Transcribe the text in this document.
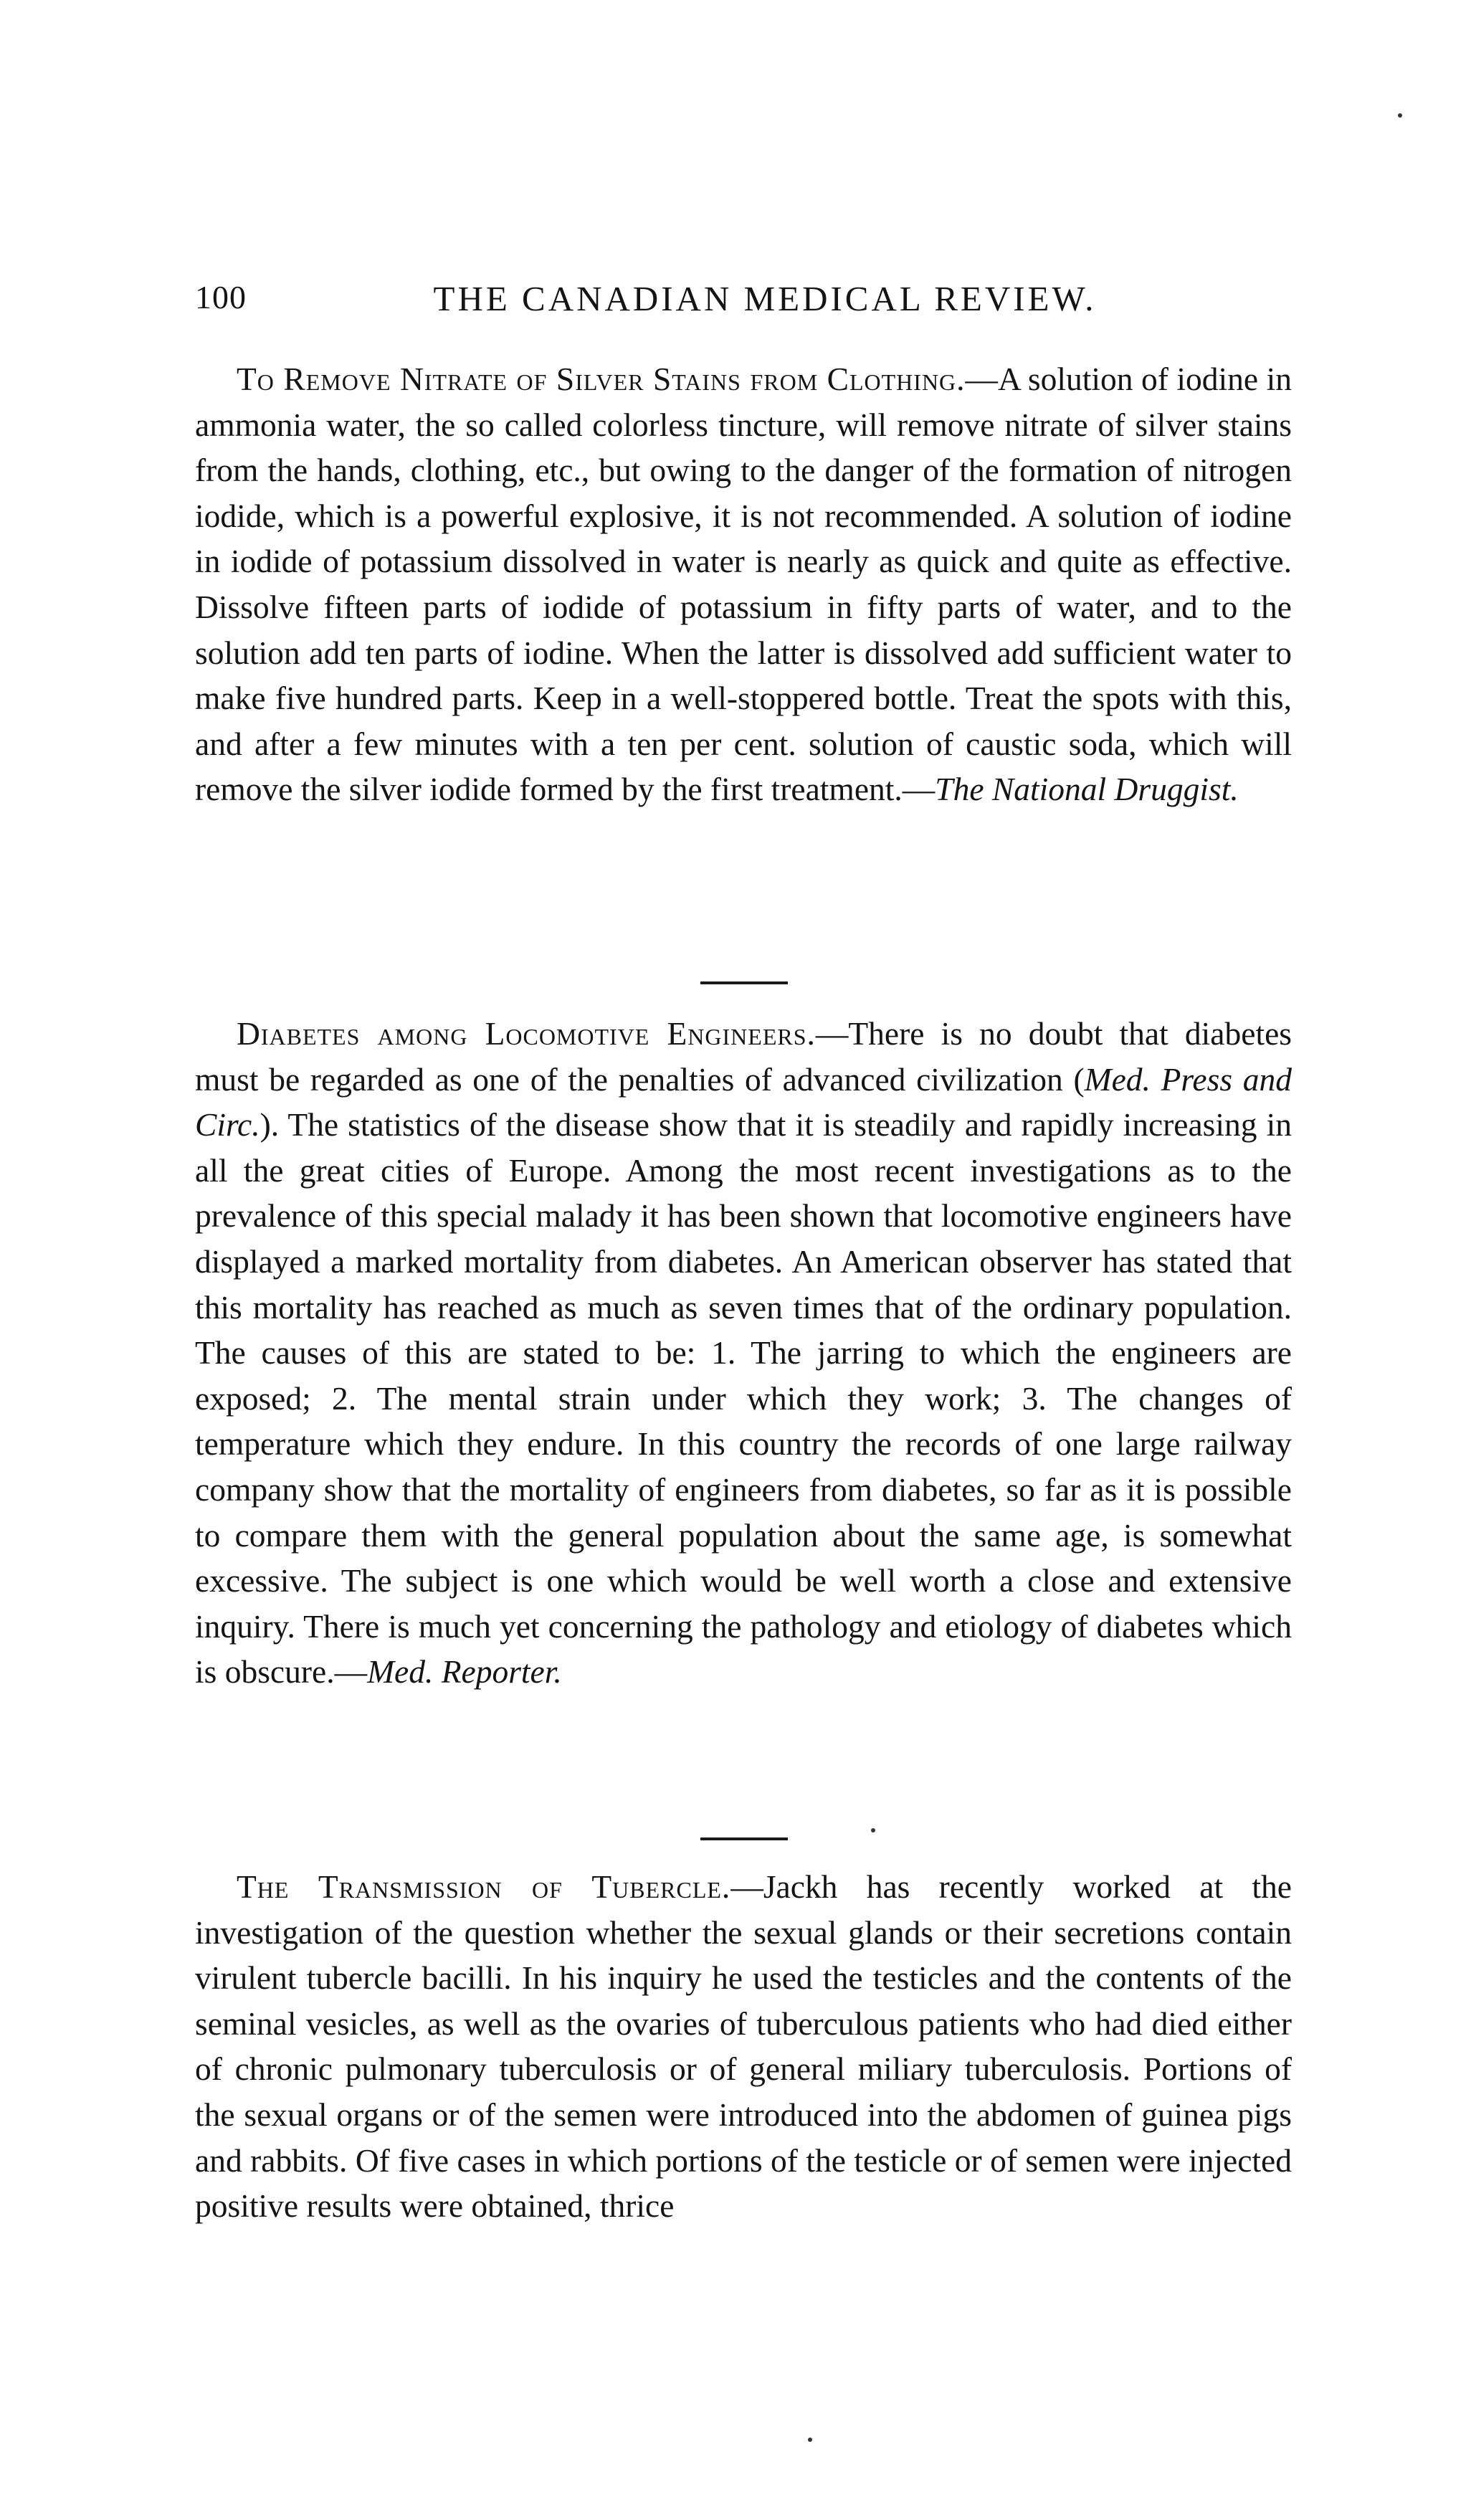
100	THE CANADIAN MEDICAL REVIEW.

To Remove Nitrate of Silver Stains from Clothing.—A solution of iodine in ammonia water, the so called colorless tincture, will remove nitrate of silver stains from the hands, clothing, etc., but owing to the danger of the formation of nitrogen iodide, which is a powerful explosive, it is not recommended. A solution of iodine in iodide of potassium dissolved in water is nearly as quick and quite as effective. Dissolve fifteen parts of iodide of potassium in fifty parts of water, and to the solution add ten parts of iodine. When the latter is dissolved add sufficient water to make five hundred parts. Keep in a well-stoppered bottle. Treat the spots with this, and after a few minutes with a ten per cent. solution of caustic soda, which will remove the silver iodide formed by the first treatment.—The National Druggist.

Diabetes among Locomotive Engineers.—There is no doubt that diabetes must be regarded as one of the penalties of advanced civilization (Med. Press and Circ.). The statistics of the disease show that it is steadily and rapidly increasing in all the great cities of Europe. Among the most recent investigations as to the prevalence of this special malady it has been shown that locomotive engineers have displayed a marked mortality from diabetes. An American observer has stated that this mortality has reached as much as seven times that of the ordinary population. The causes of this are stated to be: 1. The jarring to which the engineers are exposed; 2. The mental strain under which they work; 3. The changes of temperature which they endure. In this country the records of one large railway company show that the mortality of engineers from diabetes, so far as it is possible to compare them with the general population about the same age, is somewhat excessive. The subject is one which would be well worth a close and extensive inquiry. There is much yet concerning the pathology and etiology of diabetes which is obscure.—Med. Reporter.

The Transmission of Tubercle.—Jackh has recently worked at the investigation of the question whether the sexual glands or their secretions contain virulent tubercle bacilli. In his inquiry he used the testicles and the contents of the seminal vesicles, as well as the ovaries of tuberculous patients who had died either of chronic pulmonary tuberculosis or of general miliary tuberculosis. Portions of the sexual organs or of the semen were introduced into the abdomen of guinea pigs and rabbits. Of five cases in which portions of the testicle or of semen were injected positive results were obtained, thrice
